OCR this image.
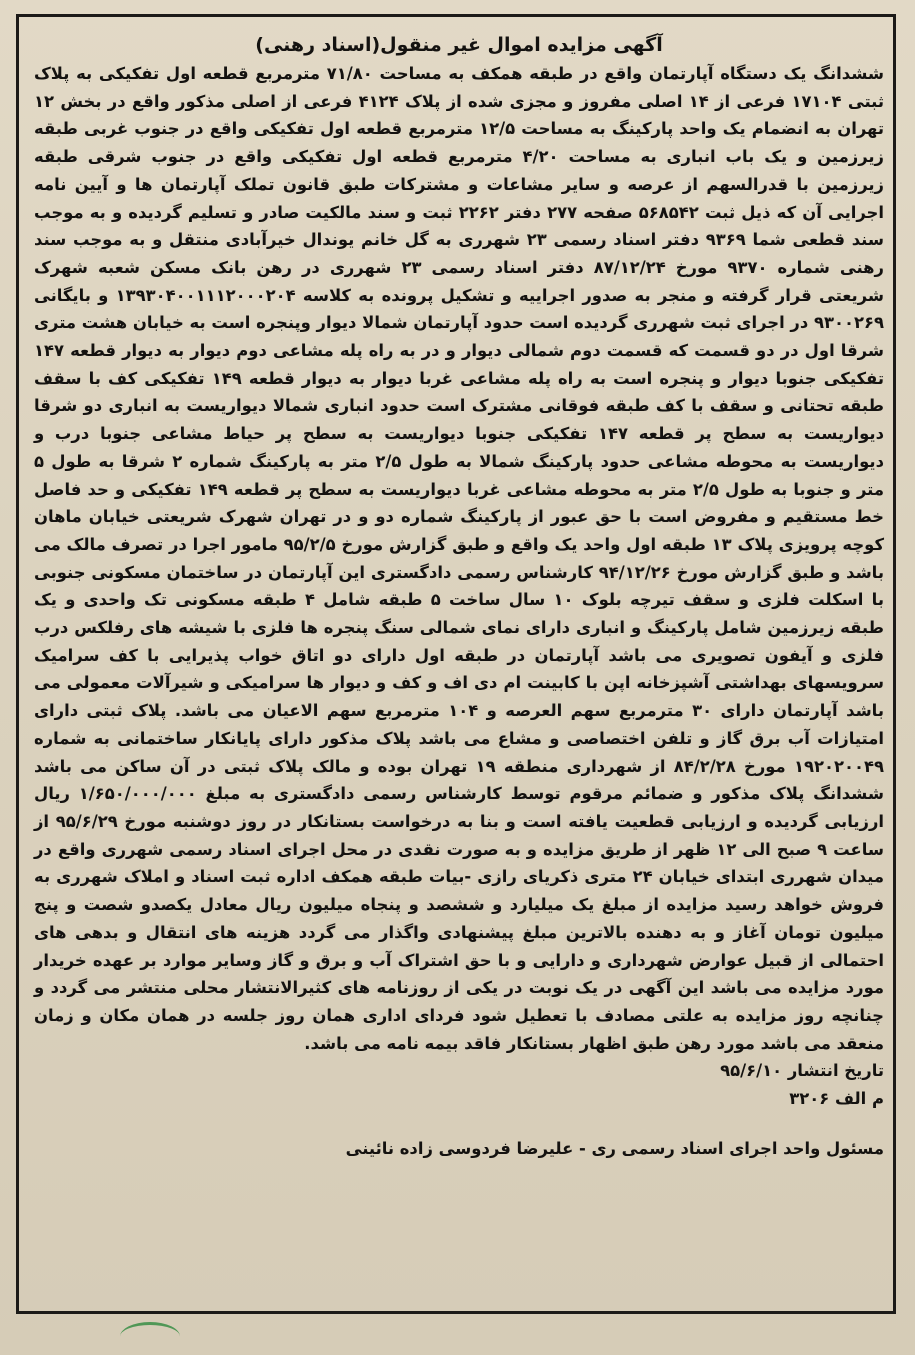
آگهی مزایده اموال غیر منقول(اسناد رهنی)

ششدانگ یک دستگاه آپارتمان واقع در طبقه همکف به مساحت ۷۱/۸۰ مترمربع قطعه اول تفکیکی به پلاک ثبتی ۱۷۱۰۴ فرعی از ۱۴ اصلی مفروز و مجزی شده از پلاک ۴۱۲۴ فرعی از اصلی مذکور واقع در بخش ۱۲ تهران به انضمام یک واحد پارکینگ به مساحت ۱۲/۵ مترمربع قطعه اول تفکیکی واقع در جنوب غربی طبقه زیرزمین و یک باب انباری به مساحت ۴/۲۰ مترمربع قطعه اول تفکیکی واقع در جنوب شرقی طبقه زیرزمین با قدرالسهم از عرصه و سایر مشاعات و مشترکات طبق قانون تملک آپارتمان ها و آیین نامه اجرایی آن که ذیل ثبت ۵۶۸۵۴۲ صفحه ۲۷۷ دفتر ۲۲۶۲ ثبت و سند مالکیت صادر و تسلیم گردیده و به موجب سند قطعی شما ۹۳۶۹ دفتر اسناد رسمی ۲۳ شهرری به گل خانم یوندال خیرآبادی منتقل و به موجب سند رهنی شماره ۹۳۷۰ مورخ ۸۷/۱۲/۲۴ دفتر اسناد رسمی ۲۳ شهرری در رهن بانک مسکن شعبه شهرک شریعتی قرار گرفته و منجر به صدور اجراییه و تشکیل پرونده به کلاسه ۱۳۹۳۰۴۰۰۱۱۱۲۰۰۰۲۰۴ و بایگانی ۹۳۰۰۲۶۹ در اجرای ثبت شهرری گردیده است حدود آپارتمان شمالا دیوار وپنجره است به خیابان هشت متری شرقا اول در دو قسمت که قسمت دوم شمالی دیوار و در به راه پله مشاعی دوم دیوار به دیوار قطعه ۱۴۷ تفکیکی جنوبا دیوار و پنجره است به راه پله مشاعی غربا دیوار به دیوار قطعه ۱۴۹ تفکیکی کف با سقف طبقه تحتانی و سقف با کف طبقه فوقانی مشترک است حدود انباری شمالا دیواریست به انباری دو شرقا دیواریست به سطح پر قطعه ۱۴۷ تفکیکی جنوبا دیواریست به سطح پر حیاط مشاعی جنوبا درب و دیواریست به محوطه مشاعی حدود پارکینگ شمالا به طول ۲/۵ متر به پارکینگ شماره ۲ شرقا به طول ۵ متر و جنوبا به طول ۲/۵ متر به محوطه مشاعی غربا دیواریست به سطح پر قطعه ۱۴۹ تفکیکی و حد فاصل خط مستقیم و مفروض است با حق عبور از پارکینگ شماره دو و در تهران شهرک شریعتی خیابان ماهان کوچه پرویزی پلاک ۱۳ طبقه اول واحد یک واقع و طبق گزارش مورخ ۹۵/۲/۵ مامور اجرا در تصرف مالک می باشد و طبق گزارش مورخ ۹۴/۱۲/۲۶ کارشناس رسمی دادگستری این آپارتمان در ساختمان مسکونی جنوبی با اسکلت فلزی و سقف تیرچه بلوک ۱۰ سال ساخت ۵ طبقه شامل ۴ طبقه مسکونی تک واحدی و یک طبقه زیرزمین شامل پارکینگ و انباری دارای نمای شمالی سنگ پنجره ها فلزی با شیشه های رفلکس درب فلزی و آیفون تصویری می باشد آپارتمان در طبقه اول دارای دو اتاق خواب پذیرایی با کف سرامیک سرویسهای بهداشتی آشپزخانه اپن با کابینت ام دی اف و کف و دیوار ها سرامیکی و شیرآلات معمولی می باشد آپارتمان دارای ۳۰ مترمربع سهم العرصه و ۱۰۴ مترمربع سهم الاعیان می باشد. پلاک ثبتی دارای امتیازات آب برق گاز و تلفن اختصاصی و مشاع می باشد پلاک مذکور دارای پایانکار ساختمانی به شماره ۱۹۲۰۲۰۰۴۹ مورخ ۸۴/۲/۲۸ از شهرداری منطقه ۱۹ تهران بوده و مالک پلاک ثبتی در آن ساکن می باشد ششدانگ پلاک مذکور و ضمائم مرقوم توسط کارشناس رسمی دادگستری به مبلغ ۱/۶۵۰/۰۰۰/۰۰۰ ریال ارزیابی گردیده و ارزیابی قطعیت یافته است و بنا به درخواست بستانکار در روز دوشنبه مورخ ۹۵/۶/۲۹ از ساعت ۹ صبح الی ۱۲ ظهر از طریق مزایده و به صورت نقدی در محل اجرای اسناد رسمی شهرری واقع در میدان شهرری ابتدای خیابان ۲۴ متری ذکریای رازی -بیات طبقه همکف اداره ثبت اسناد و املاک شهرری به فروش خواهد رسید مزایده از مبلغ یک میلیارد و ششصد و پنجاه میلیون ریال معادل یکصدو شصت و پنج میلیون تومان آغاز و به دهنده بالاترین مبلغ پیشنهادی واگذار می گردد هزینه های انتقال و بدهی های احتمالی از قبیل عوارض شهرداری و دارایی و با حق اشتراک آب و برق و گاز وسایر موارد بر عهده خریدار مورد مزایده می باشد این آگهی در یک نوبت در یکی از روزنامه های کثیرالانتشار محلی منتشر می گردد و چنانچه روز مزایده به علتی مصادف با تعطیل شود فردای اداری همان روز جلسه در همان مکان و زمان منعقد می باشد مورد رهن طبق اظهار بستانکار فاقد بیمه نامه می باشد.

تاریخ انتشار ۹۵/۶/۱۰

م الف ۳۲۰۶

مسئول واحد اجرای اسناد رسمی ری - علیرضا فردوسی زاده نائینی
